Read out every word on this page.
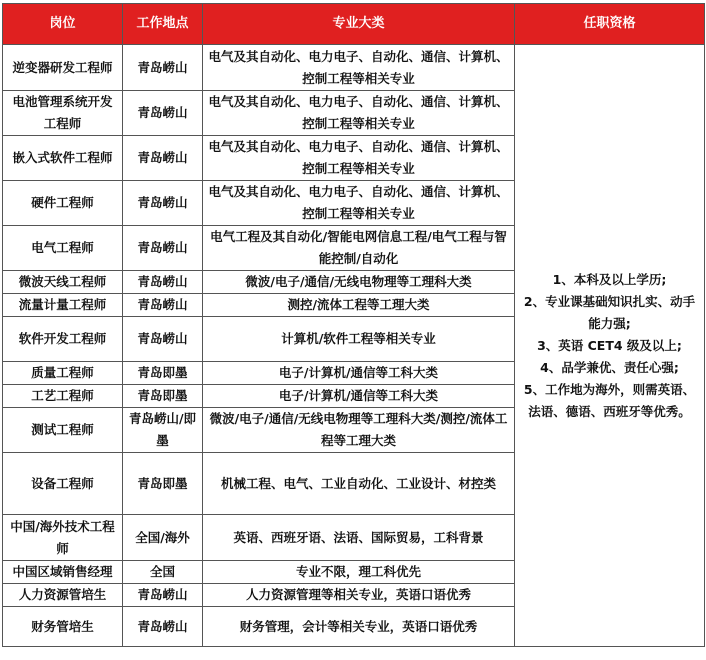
岗位	工作地点	专业大类	任职资格
逆变器研发工程师	青岛崂山	电气及其自动化、电力电子、自动化、通信、计算机、控制工程等相关专业	1、本科及以上学历;
2、专业课基础知识扎实、动手能力强;
3、英语 CET4 级及以上;
4、品学兼优、责任心强;
5、工作地为海外，则需英语、法语、德语、西班牙等优秀。

电池管理系统开发工程师	青岛崂山	电气及其自动化、电力电子、自动化、通信、计算机、控制工程等相关专业	
嵌入式软件工程师	青岛崂山	电气及其自动化、电力电子、自动化、通信、计算机、控制工程等相关专业	
硬件工程师	青岛崂山	电气及其自动化、电力电子、自动化、通信、计算机、控制工程等相关专业	
电气工程师	青岛崂山	电气工程及其自动化/智能电网信息工程/电气工程与智能控制/自动化	
微波天线工程师	青岛崂山	微波/电子/通信/无线电物理等工理科大类	
流量计量工程师	青岛崂山	测控/流体工程等工理大类	
软件开发工程师	青岛崂山	计算机/软件工程等相关专业	
质量工程师	青岛即墨	电子/计算机/通信等工科大类	
工艺工程师	青岛即墨	电子/计算机/通信等工科大类	
测试工程师	青岛崂山/即墨	微波/电子/通信/无线电物理等工理科大类/测控/流体工程等工理大类	
设备工程师	青岛即墨	机械工程、电气、工业自动化、工业设计、材控类	
中国/海外技术工程师	全国/海外	英语、西班牙语、法语、国际贸易，工科背景	
中国区域销售经理	全国	专业不限，理工科优先	
人力资源管培生	青岛崂山	人力资源管理等相关专业，英语口语优秀	
财务管培生	青岛崂山	财务管理，会计等相关专业，英语口语优秀	
